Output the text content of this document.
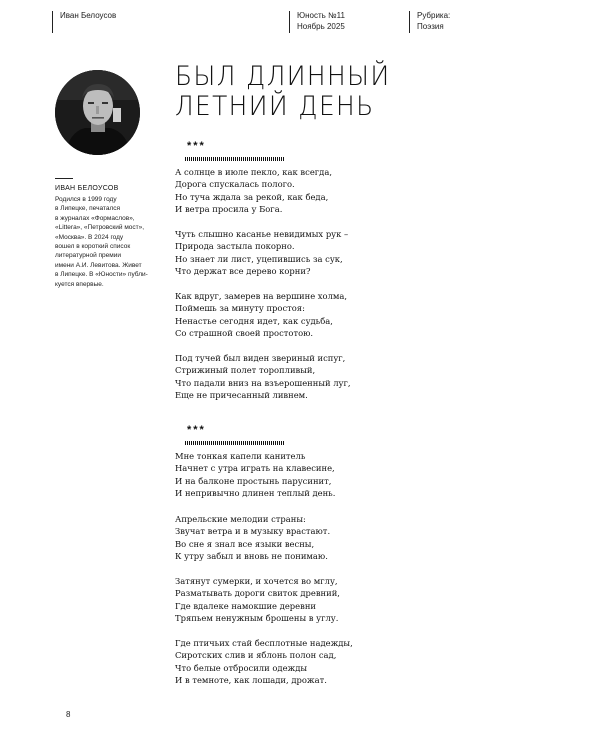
Иван Белоусов	Юность №11
Ноябрь 2025
Рубрика:
Поэзия
ИВАН БЕЛОУСОВ
Родился в 1999 году
в Липецке, печатался
в журналах «Формаслов»,
«Littera», «Петровский мост»,
«Москва». В 2024 году
вошел в короткий список
литературной премии
имени А.И. Левитова. Живет
в Липецке. В «Юности» публи-
куется впервые.
БЫЛ ДЛИННЫЙ
ЛЕТНИЙ ДЕНЬ
***
А солнце в июле пекло, как всегда,
Дорога спускалась полого.
Но туча ждала за рекой, как беда,
И ветра просила у Бога.
Чуть слышно касанье невидимых рук –
Природа застыла покорно.
Но знает ли лист, уцепившись за сук,
Что держат все дерево корни?
Как вдруг, замерев на вершине холма,
Поймешь за минуту простоя:
Ненастье сегодня идет, как судьба,
Со страшной своей простотою.
Под тучей был виден звериный испуг,
Стрижиный полет торопливый,
Что падали вниз на взъерошенный луг,
Еще не причесанный ливнем.
***
Мне тонкая капели канитель
Начнет с утра играть на клавесине,
И на балконе простынь парусинит,
И непривычно длинен теплый день.
Апрельские мелодии страны:
Звучат ветра и в музыку врастают.
Во сне я знал все языки весны,
К утру забыл и вновь не понимаю.
Затянут сумерки, и хочется во мглу,
Разматывать дороги свиток древний,
Где вдалеке намокшие деревни
Тряпьем ненужным брошены в углу.
Где птичьих стай бесплотные надежды,
Сиротских слив и яблонь полон сад,
Что белые отбросили одежды
И в темноте, как лошади, дрожат.
8
